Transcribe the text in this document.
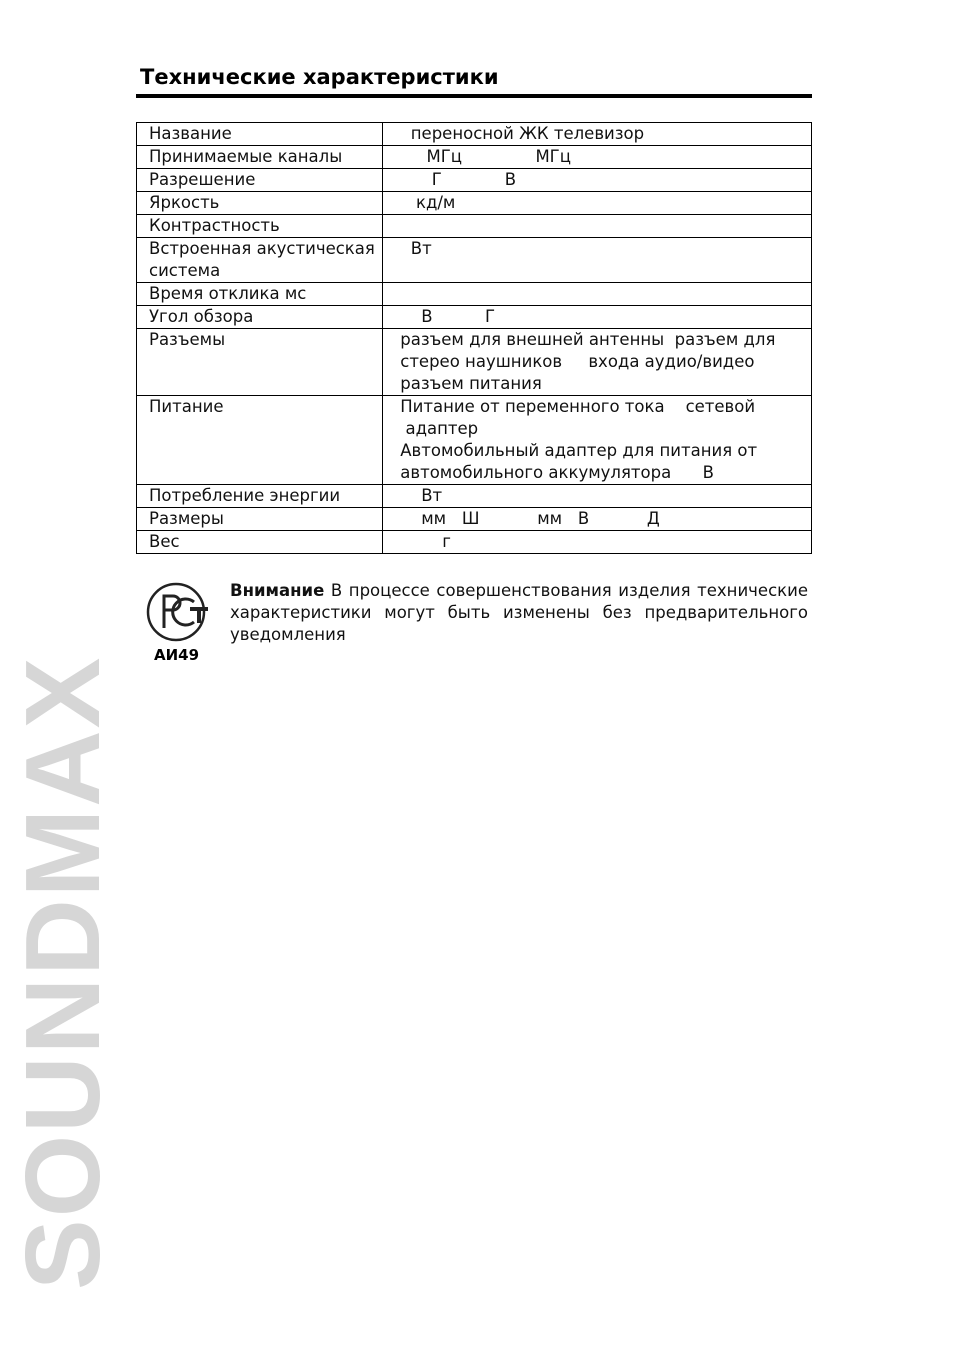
SOUNDMAX
Технические характеристики
Название	переносной ЖК телевизор
Принимаемые каналы	МГц              МГц
Разрешение	Г            В
Яркость	кд/м
Контрастность	
Встроенная акустическая система	Вт
Время отклика мс	
Угол обзора	В          Г
Разъемы	разъем для внешней антенны  разъем для
стерео наушников     входа аудио/видео
разъем питания
Питание	Питание от переменного тока    сетевой
адаптер
Автомобильный адаптер для питания от
автомобильного аккумулятора      В
Потребление энергии	Вт
Размеры	мм   Ш           мм   В           Д
Вес	г
АИ49

Внимание В процессе совершенствования изделия технические характеристики могут быть изменены без предварительного уведомления
